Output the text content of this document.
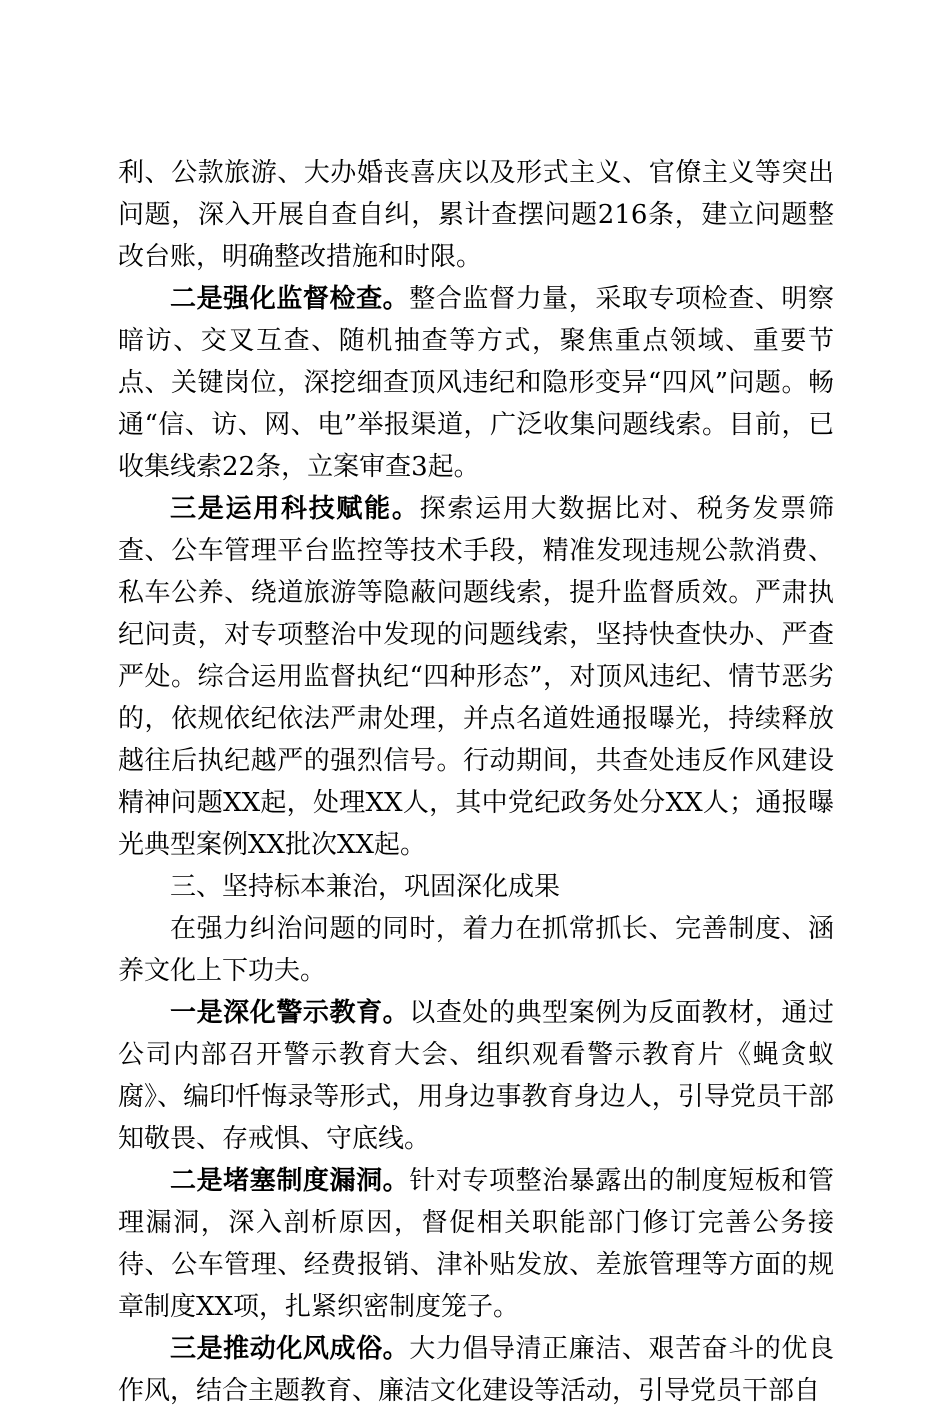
利、公款旅游、大办婚丧喜庆以及形式主义、官僚主义等突出问题，深入开展自查自纠，累计查摆问题216条，建立问题整改台账，明确整改措施和时限。

二是强化监督检查。整合监督力量，采取专项检查、明察暗访、交叉互查、随机抽查等方式，聚焦重点领域、重要节点、关键岗位，深挖细查顶风违纪和隐形变异“四风”问题。畅通“信、访、网、电”举报渠道，广泛收集问题线索。目前，已收集线索22条，立案审查3起。

三是运用科技赋能。探索运用大数据比对、税务发票筛查、公车管理平台监控等技术手段，精准发现违规公款消费、私车公养、绕道旅游等隐蔽问题线索，提升监督质效。严肃执纪问责，对专项整治中发现的问题线索，坚持快查快办、严查严处。综合运用监督执纪“四种形态”，对顶风违纪、情节恶劣的，依规依纪依法严肃处理，并点名道姓通报曝光，持续释放越往后执纪越严的强烈信号。行动期间，共查处违反作风建设精神问题XX起，处理XX人，其中党纪政务处分XX人；通报曝光典型案例XX批次XX起。

三、坚持标本兼治，巩固深化成果

在强力纠治问题的同时，着力在抓常抓长、完善制度、涵养文化上下功夫。

一是深化警示教育。以查处的典型案例为反面教材，通过公司内部召开警示教育大会、组织观看警示教育片《蝇贪蚁腐》、编印忏悔录等形式，用身边事教育身边人，引导党员干部知敬畏、存戒惧、守底线。

二是堵塞制度漏洞。针对专项整治暴露出的制度短板和管理漏洞，深入剖析原因，督促相关职能部门修订完善公务接待、公车管理、经费报销、津补贴发放、差旅管理等方面的规章制度XX项，扎紧织密制度笼子。

三是推动化风成俗。大力倡导清正廉洁、艰苦奋斗的优良作风，结合主题教育、廉洁文化建设等活动，引导党员干部自
